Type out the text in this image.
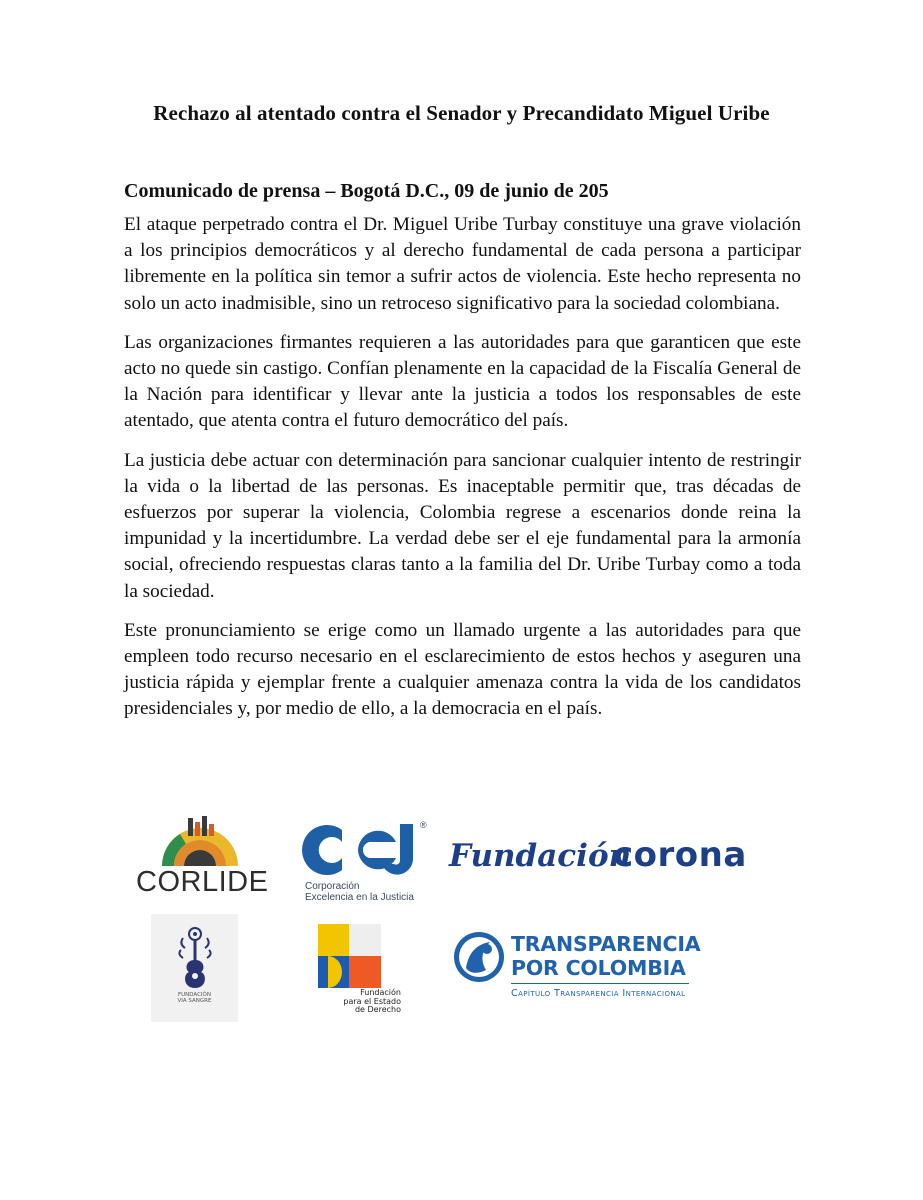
Rechazo al atentado contra el Senador y Precandidato Miguel Uribe
Comunicado de prensa – Bogotá D.C., 09 de junio de 205

El ataque perpetrado contra el Dr. Miguel Uribe Turbay constituye una grave violación a los principios democráticos y al derecho fundamental de cada persona a participar libremente en la política sin temor a sufrir actos de violencia. Este hecho representa no solo un acto inadmisible, sino un retroceso significativo para la sociedad colombiana.

Las organizaciones firmantes requieren a las autoridades para que garanticen que este acto no quede sin castigo. Confían plenamente en la capacidad de la Fiscalía General de la Nación para identificar y llevar ante la justicia a todos los responsables de este atentado, que atenta contra el futuro democrático del país.

La justicia debe actuar con determinación para sancionar cualquier intento de restringir la vida o la libertad de las personas. Es inaceptable permitir que, tras décadas de esfuerzos por superar la violencia, Colombia regrese a escenarios donde reina la impunidad y la incertidumbre. La verdad debe ser el eje fundamental para la armonía social, ofreciendo respuestas claras tanto a la familia del Dr. Uribe Turbay como a toda la sociedad.

Este pronunciamiento se erige como un llamado urgente a las autoridades para que empleen todo recurso necesario en el esclarecimiento de estos hechos y aseguren una justicia rápida y ejemplar frente a cualquier amenaza contra la vida de los candidatos presidenciales y, por medio de ello, a la democracia en el país.

CORLIDE
®
Corporación
Excelencia en la Justicia
Fundación
corona
FUNDACIÓN
VIA SANGRE
Fundación
para el Estado
de Derecho
TRANSPARENCIA
POR COLOMBIA
Capítulo Transparencia Internacional
